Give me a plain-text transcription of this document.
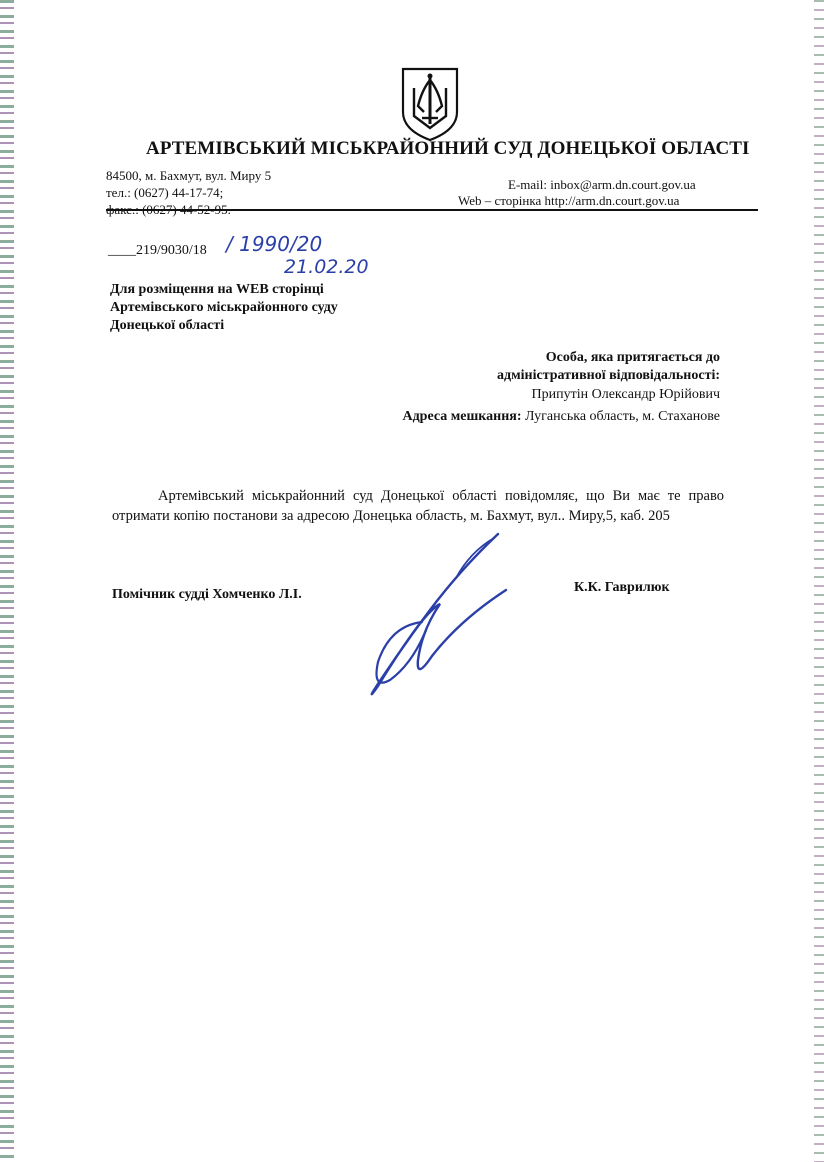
АРТЕМІВСЬКИЙ МІСЬКРАЙОННИЙ СУД ДОНЕЦЬКОЇ ОБЛАСТІ
84500, м. Бахмут, вул. Миру 5
тел.: (0627) 44-17-74;
факс.: (0627) 44-52-95.
E-mail: inbox@arm.dn.court.gov.ua
Web – сторінка http://arm.dn.court.gov.ua
____219/9030/18 / 1990/20
21.02.20
Для розміщення на WEB сторінці
Артемівського міськрайонного суду
Донецької області
Особа, яка притягається до
адміністративної відповідальності:
Припутін Олександр Юрійович
Адреса мешкання: Луганська область, м. Стаханове
Артемівський міськрайонний суд Донецької області повідомляє, що Ви має те право отримати копію постанови за адресою Донецька область, м. Бахмут, вул.. Миру,5, каб. 205
Помічник судді Хомченко Л.І.	К.К. Гаврилюк
